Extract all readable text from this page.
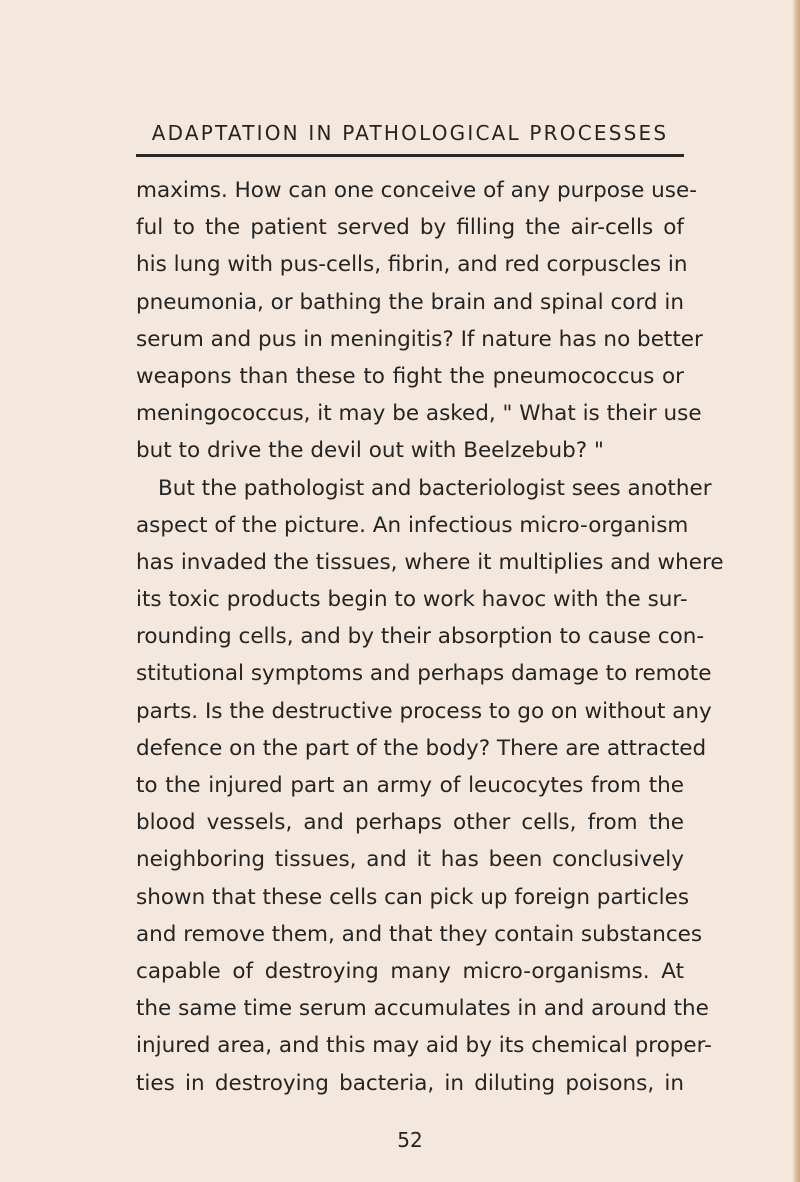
ADAPTATION IN PATHOLOGICAL PROCESSES
maxims. How can one conceive of any purpose use-
ful to the patient served by filling the air-cells of
his lung with pus-cells, fibrin, and red corpuscles in
pneumonia, or bathing the brain and spinal cord in
serum and pus in meningitis? If nature has no better
weapons than these to fight the pneumococcus or
meningococcus, it may be asked, " What is their use
but to drive the devil out with Beelzebub? "
But the pathologist and bacteriologist sees another
aspect of the picture. An infectious micro-organism
has invaded the tissues, where it multiplies and where
its toxic products begin to work havoc with the sur-
rounding cells, and by their absorption to cause con-
stitutional symptoms and perhaps damage to remote
parts. Is the destructive process to go on without any
defence on the part of the body? There are attracted
to the injured part an army of leucocytes from the
blood vessels, and perhaps other cells, from the
neighboring tissues, and it has been conclusively
shown that these cells can pick up foreign particles
and remove them, and that they contain substances
capable of destroying many micro-organisms. At
the same time serum accumulates in and around the
injured area, and this may aid by its chemical proper-
ties in destroying bacteria, in diluting poisons, in
52
